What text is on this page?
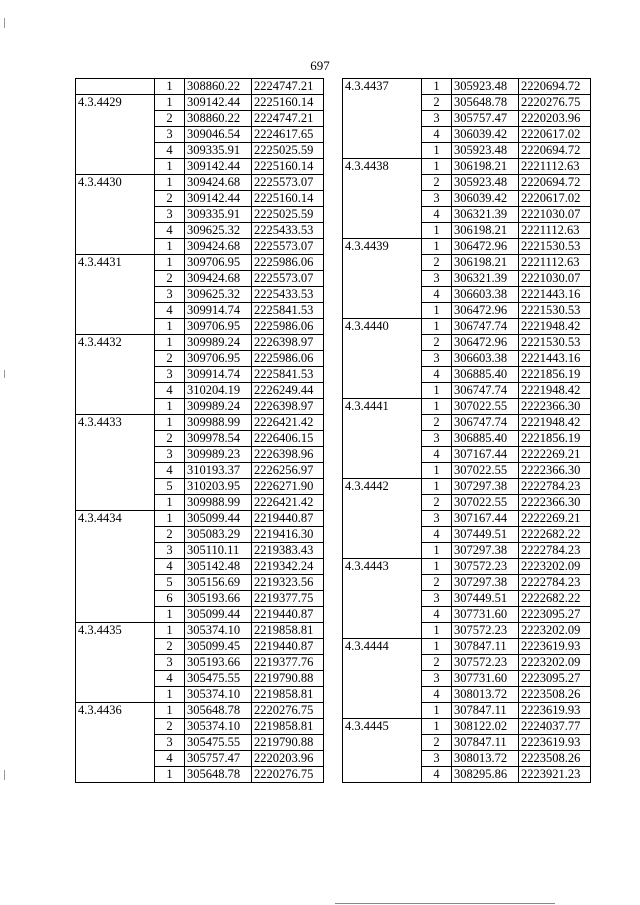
697
	1	308860.22	2224747.21
4.3.4429	1	309142.44	2225160.14
	2	308860.22	2224747.21
	3	309046.54	2224617.65
	4	309335.91	2225025.59
	1	309142.44	2225160.14
4.3.4430	1	309424.68	2225573.07
	2	309142.44	2225160.14
	3	309335.91	2225025.59
	4	309625.32	2225433.53
	1	309424.68	2225573.07
4.3.4431	1	309706.95	2225986.06
	2	309424.68	2225573.07
	3	309625.32	2225433.53
	4	309914.74	2225841.53
	1	309706.95	2225986.06
4.3.4432	1	309989.24	2226398.97
	2	309706.95	2225986.06
	3	309914.74	2225841.53
	4	310204.19	2226249.44
	1	309989.24	2226398.97
4.3.4433	1	309988.99	2226421.42
	2	309978.54	2226406.15
	3	309989.23	2226398.96
	4	310193.37	2226256.97
	5	310203.95	2226271.90
	1	309988.99	2226421.42
4.3.4434	1	305099.44	2219440.87
	2	305083.29	2219416.30
	3	305110.11	2219383.43
	4	305142.48	2219342.24
	5	305156.69	2219323.56
	6	305193.66	2219377.75
	1	305099.44	2219440.87
4.3.4435	1	305374.10	2219858.81
	2	305099.45	2219440.87
	3	305193.66	2219377.76
	4	305475.55	2219790.88
	1	305374.10	2219858.81
4.3.4436	1	305648.78	2220276.75
	2	305374.10	2219858.81
	3	305475.55	2219790.88
	4	305757.47	2220203.96
	1	305648.78	2220276.75
4.3.4437	1	305923.48	2220694.72
	2	305648.78	2220276.75
	3	305757.47	2220203.96
	4	306039.42	2220617.02
	1	305923.48	2220694.72
4.3.4438	1	306198.21	2221112.63
	2	305923.48	2220694.72
	3	306039.42	2220617.02
	4	306321.39	2221030.07
	1	306198.21	2221112.63
4.3.4439	1	306472.96	2221530.53
	2	306198.21	2221112.63
	3	306321.39	2221030.07
	4	306603.38	2221443.16
	1	306472.96	2221530.53
4.3.4440	1	306747.74	2221948.42
	2	306472.96	2221530.53
	3	306603.38	2221443.16
	4	306885.40	2221856.19
	1	306747.74	2221948.42
4.3.4441	1	307022.55	2222366.30
	2	306747.74	2221948.42
	3	306885.40	2221856.19
	4	307167.44	2222269.21
	1	307022.55	2222366.30
4.3.4442	1	307297.38	2222784.23
	2	307022.55	2222366.30
	3	307167.44	2222269.21
	4	307449.51	2222682.22
	1	307297.38	2222784.23
4.3.4443	1	307572.23	2223202.09
	2	307297.38	2222784.23
	3	307449.51	2222682.22
	4	307731.60	2223095.27
	1	307572.23	2223202.09
4.3.4444	1	307847.11	2223619.93
	2	307572.23	2223202.09
	3	307731.60	2223095.27
	4	308013.72	2223508.26
	1	307847.11	2223619.93
4.3.4445	1	308122.02	2224037.77
	2	307847.11	2223619.93
	3	308013.72	2223508.26
	4	308295.86	2223921.23
